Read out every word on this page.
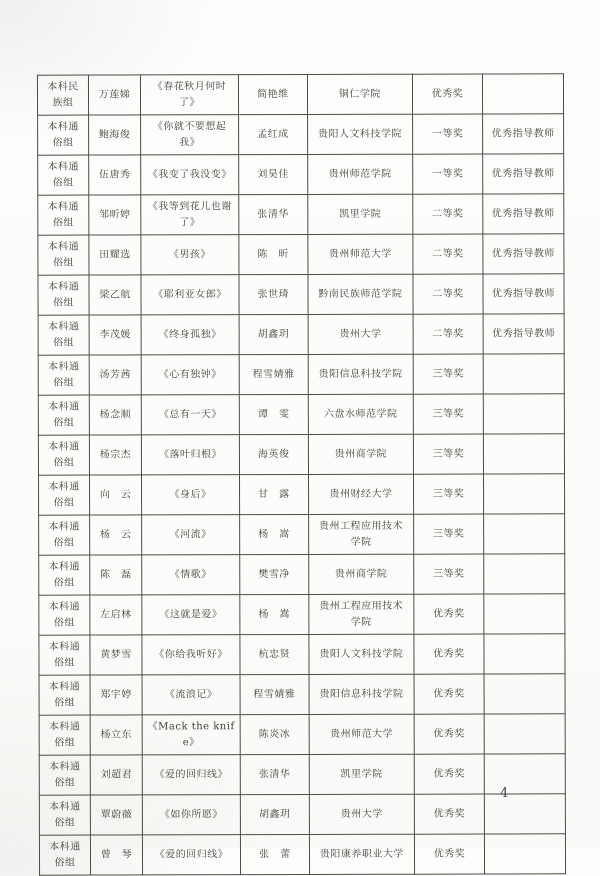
本科民族组	万莲娣	《春花秋月何时了》	简艳维	铜仁学院	优秀奖	
本科通俗组	鲍海俊	《你就不要想起我》	孟红成	贵阳人文科技学院	一等奖	优秀指导教师
本科通俗组	伍唐秀	《我变了我没变》	刘昊佳	贵州师范学院	一等奖	优秀指导教师
本科通俗组	邹昕婷	《我等到花儿也谢了》	张清华	凯里学院	二等奖	优秀指导教师
本科通俗组	田耀选	《男孩》	陈　昕	贵州师范大学	二等奖	优秀指导教师
本科通俗组	梁乙航	《耶利亚女郎》	张世琦	黔南民族师范学院	二等奖	优秀指导教师
本科通俗组	李茂媛	《终身孤独》	胡鑫玥	贵州大学	二等奖	优秀指导教师
本科通俗组	汤芳茜	《心有独钟》	程雪婧雅	贵阳信息科技学院	三等奖	
本科通俗组	杨念顺	《总有一天》	谭　雯	六盘水师范学院	三等奖	
本科通俗组	杨宗杰	《落叶归根》	海英俊	贵州商学院	三等奖	
本科通俗组	向　云	《身后》	甘　露	贵州财经大学	三等奖	
本科通俗组	杨　云	《河流》	杨　嵩	贵州工程应用技术学院	三等奖	
本科通俗组	陈　磊	《情歌》	樊雪净	贵州商学院	三等奖	
本科通俗组	左启林	《这就是爱》	杨　嵩	贵州工程应用技术学院	优秀奖	
本科通俗组	黄梦雪	《你给我听好》	杭忠贤	贵阳人文科技学院	优秀奖	
本科通俗组	郑宇婷	《流浪记》	程雪婧雅	贵阳信息科技学院	优秀奖	
本科通俗组	杨立东	《Mack the knife》	陈炎冰	贵州师范大学	优秀奖	
本科通俗组	刘超君	《爱的回归线》	张清华	凯里学院	优秀奖	
本科通俗组	覃蔚薇	《如你所愿》	胡鑫玥	贵州大学	优秀奖	
本科通俗组	曾　琴	《爱的回归线》	张　蕾	贵阳康养职业大学	优秀奖	
4
